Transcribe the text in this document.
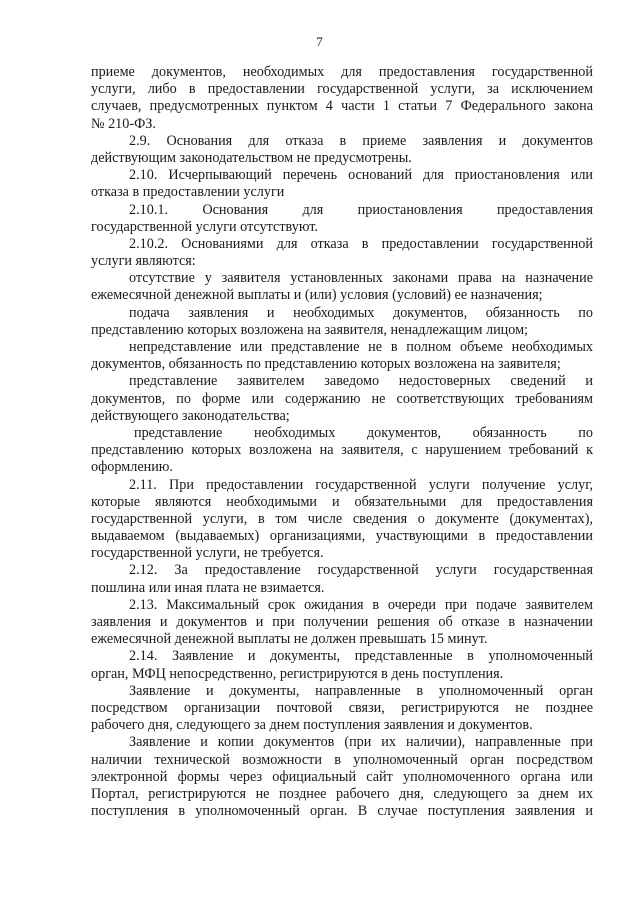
7
приеме документов, необходимых для предоставления государственной
услуги, либо в предоставлении государственной услуги, за исключением
случаев, предусмотренных пунктом 4 части 1 статьи 7 Федерального закона
№ 210-ФЗ.
2.9. Основания для отказа в приеме заявления и документов
действующим законодательством не предусмотрены.
2.10. Исчерпывающий перечень оснований для приостановления или
отказа в предоставлении услуги
2.10.1. Основания для приостановления предоставления
государственной услуги отсутствуют.
2.10.2. Основаниями для отказа в предоставлении государственной
услуги являются:
отсутствие у заявителя установленных законами права на назначение
ежемесячной денежной выплаты и (или) условия (условий) ее назначения;
подача заявления и необходимых документов, обязанность по
представлению которых возложена на заявителя, ненадлежащим лицом;
непредставление или представление не в полном объеме необходимых
документов, обязанность по представлению которых возложена на заявителя;
представление заявителем заведомо недостоверных сведений и
документов, по форме или содержанию не соответствующих требованиям
действующего законодательства;
представление необходимых документов, обязанность по
представлению которых возложена на заявителя, с нарушением требований к
оформлению.
2.11. При предоставлении государственной услуги получение услуг,
которые являются необходимыми и обязательными для предоставления
государственной услуги, в том числе сведения о документе (документах),
выдаваемом (выдаваемых) организациями, участвующими в предоставлении
государственной услуги, не требуется.
2.12. За предоставление государственной услуги государственная
пошлина или иная плата не взимается.
2.13. Максимальный срок ожидания в очереди при подаче заявителем
заявления и документов и при получении решения об отказе в назначении
ежемесячной денежной выплаты не должен превышать 15 минут.
2.14. Заявление и документы, представленные в уполномоченный
орган, МФЦ непосредственно, регистрируются в день поступления.
Заявление и документы, направленные в уполномоченный орган
посредством организации почтовой связи, регистрируются не позднее
рабочего дня, следующего за днем поступления заявления и документов.
Заявление и копии документов (при их наличии), направленные при
наличии технической возможности в уполномоченный орган посредством
электронной формы через официальный сайт уполномоченного органа или
Портал, регистрируются не позднее рабочего дня, следующего за днем их
поступления в уполномоченный орган. В случае поступления заявления и
